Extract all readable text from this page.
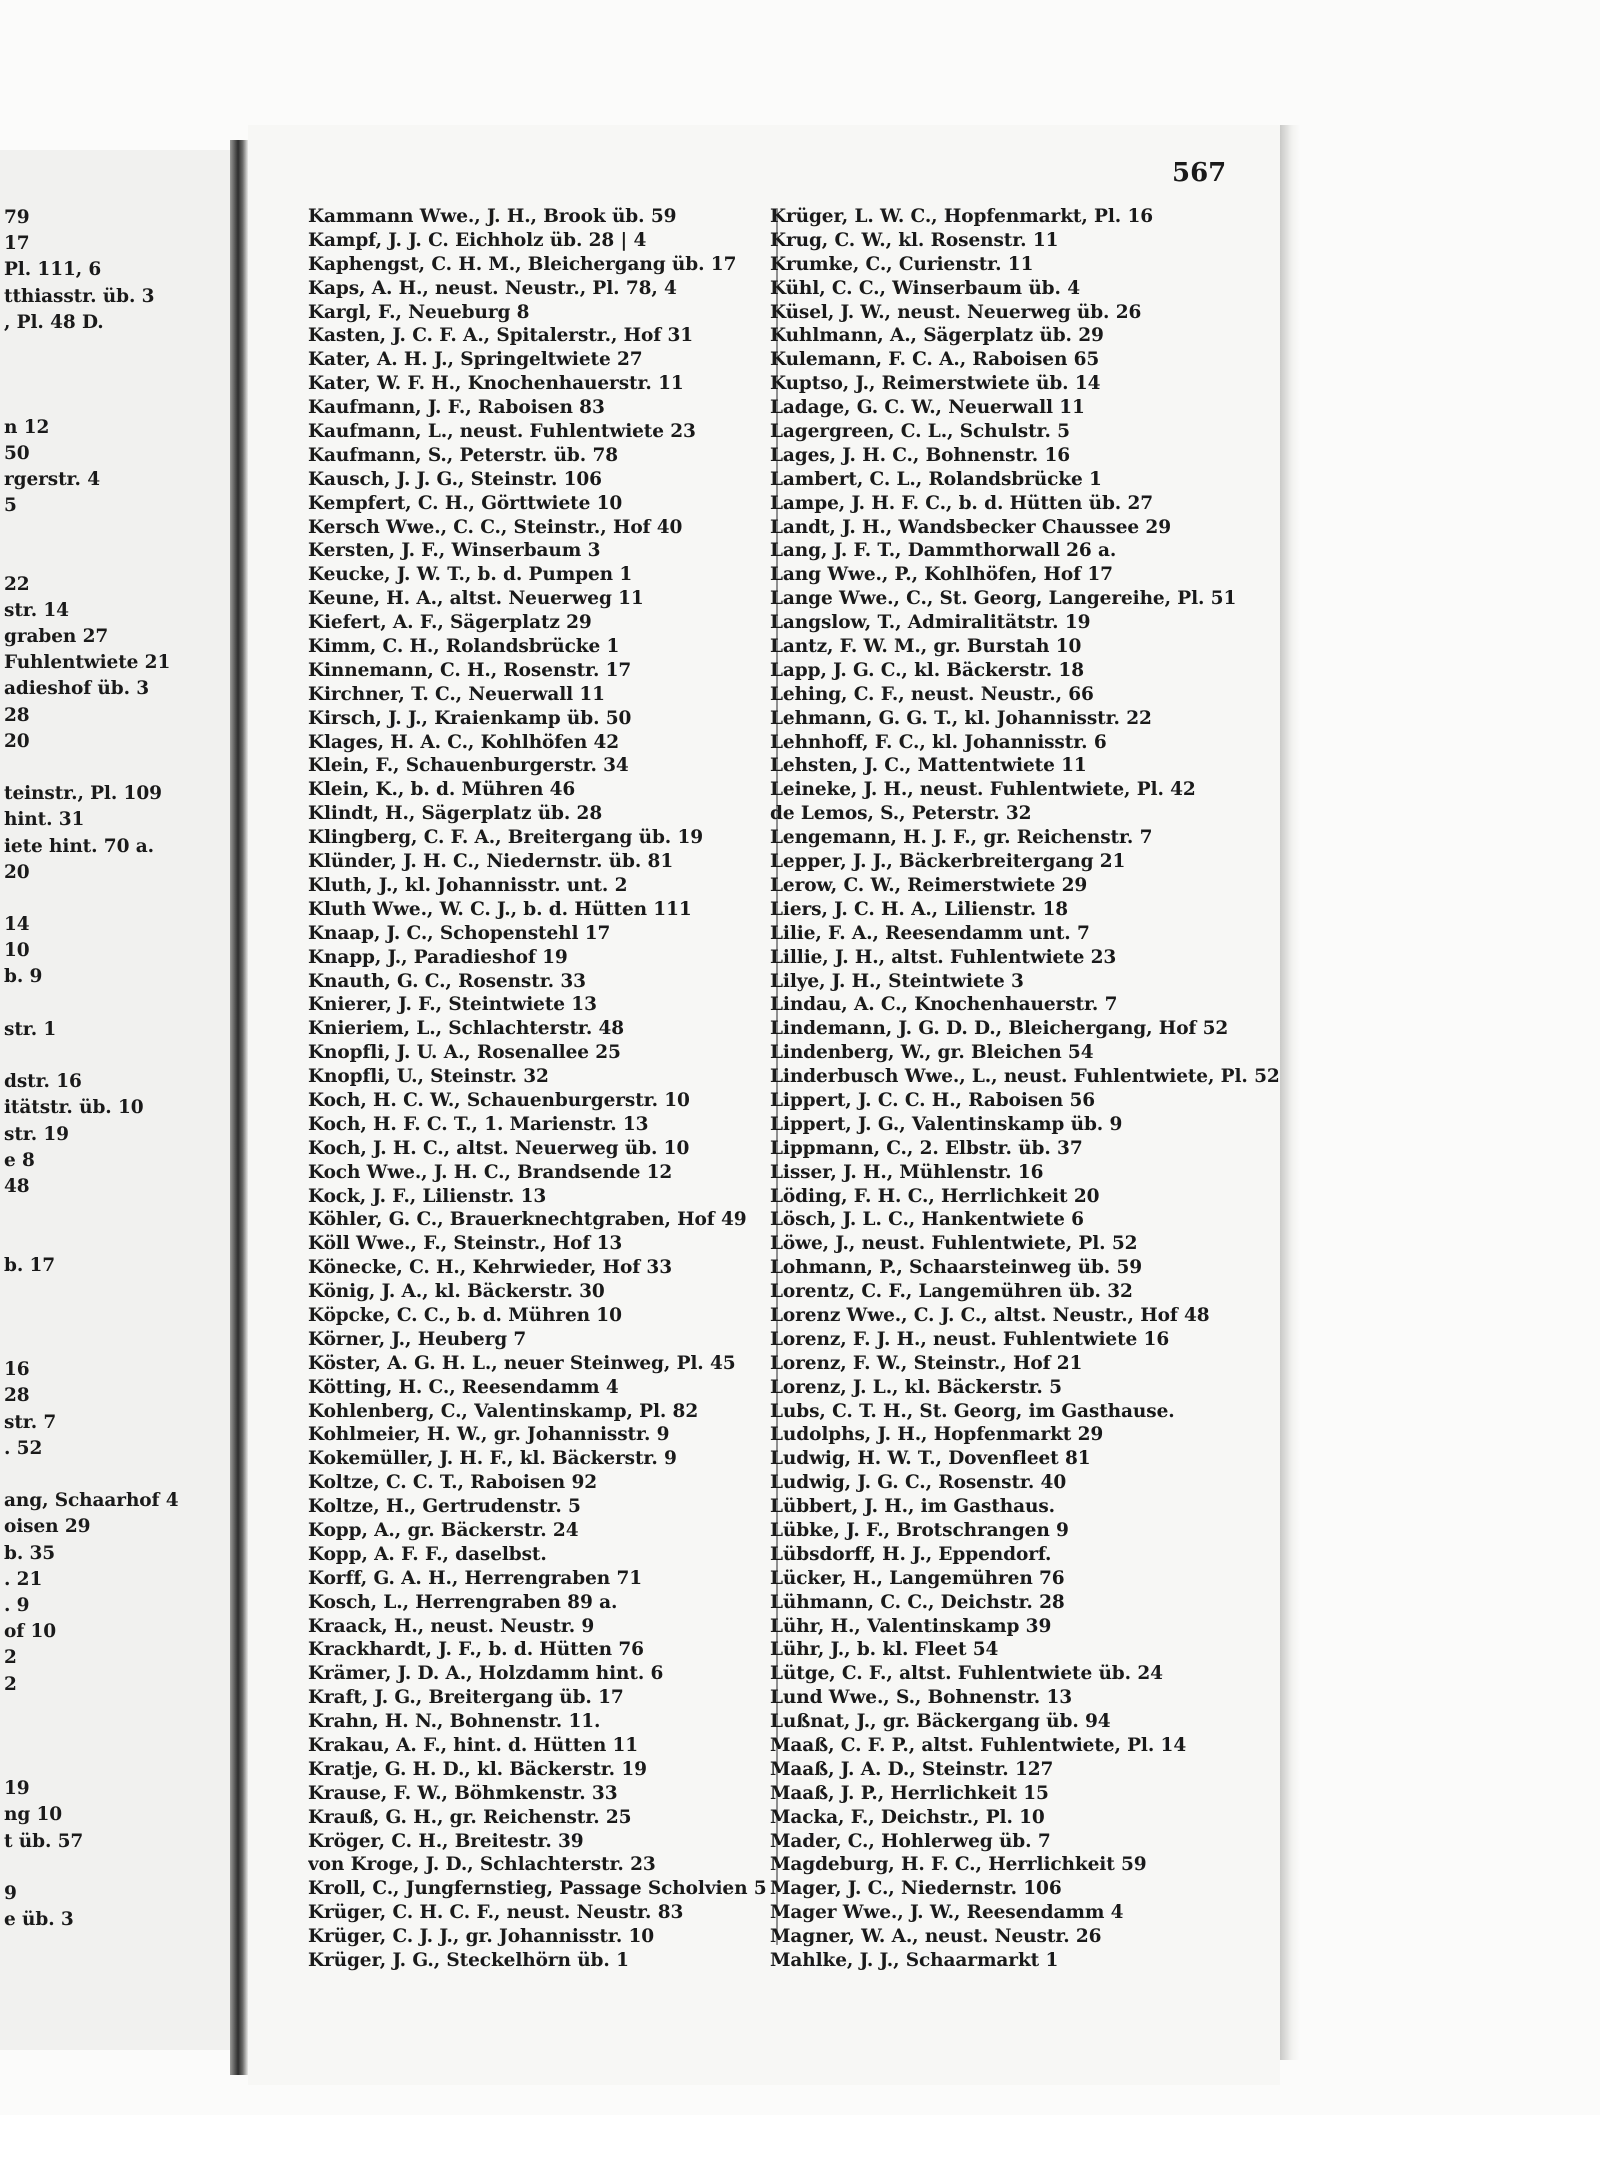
79
17
Pl. 111, 6
tthiasstr. üb. 3
, Pl. 48 D.
n 12
50
rgerstr. 4
5
22
str. 14
graben 27
Fuhlentwiete 21
adieshof üb. 3
28
20
teinstr., Pl. 109
hint. 31
iete hint. 70 a.
20
14
10
b. 9
str. 1
dstr. 16
itätstr. üb. 10
str. 19
e 8
48
b. 17
16
28
str. 7
. 52
ang, Schaarhof 4
oisen 29
b. 35
. 21
. 9
of 10
2
2
19
ng 10
t üb. 57
9
e üb. 3
567
Kammann Wwe., J. H., Brook üb. 59
Kampf, J. J. C. Eichholz üb. 28 | 4
Kaphengst, C. H. M., Bleichergang üb. 17
Kaps, A. H., neust. Neustr., Pl. 78, 4
Kargl, F., Neueburg 8
Kasten, J. C. F. A., Spitalerstr., Hof 31
Kater, A. H. J., Springeltwiete 27
Kater, W. F. H., Knochenhauerstr. 11
Kaufmann, J. F., Raboisen 83
Kaufmann, L., neust. Fuhlentwiete 23
Kaufmann, S., Peterstr. üb. 78
Kausch, J. J. G., Steinstr. 106
Kempfert, C. H., Görttwiete 10
Kersch Wwe., C. C., Steinstr., Hof 40
Kersten, J. F., Winserbaum 3
Keucke, J. W. T., b. d. Pumpen 1
Keune, H. A., altst. Neuerweg 11
Kiefert, A. F., Sägerplatz 29
Kimm, C. H., Rolandsbrücke 1
Kinnemann, C. H., Rosenstr. 17
Kirchner, T. C., Neuerwall 11
Kirsch, J. J., Kraienkamp üb. 50
Klages, H. A. C., Kohlhöfen 42
Klein, F., Schauenburgerstr. 34
Klein, K., b. d. Mühren 46
Klindt, H., Sägerplatz üb. 28
Klingberg, C. F. A., Breitergang üb. 19
Klünder, J. H. C., Niedernstr. üb. 81
Kluth, J., kl. Johannisstr. unt. 2
Kluth Wwe., W. C. J., b. d. Hütten 111
Knaap, J. C., Schopenstehl 17
Knapp, J., Paradieshof 19
Knauth, G. C., Rosenstr. 33
Knierer, J. F., Steintwiete 13
Knieriem, L., Schlachterstr. 48
Knopfli, J. U. A., Rosenallee 25
Knopfli, U., Steinstr. 32
Koch, H. C. W., Schauenburgerstr. 10
Koch, H. F. C. T., 1. Marienstr. 13
Koch, J. H. C., altst. Neuerweg üb. 10
Koch Wwe., J. H. C., Brandsende 12
Kock, J. F., Lilienstr. 13
Köhler, G. C., Brauerknechtgraben, Hof 49
Köll Wwe., F., Steinstr., Hof 13
Könecke, C. H., Kehrwieder, Hof 33
König, J. A., kl. Bäckerstr. 30
Köpcke, C. C., b. d. Mühren 10
Körner, J., Heuberg 7
Köster, A. G. H. L., neuer Steinweg, Pl. 45
Kötting, H. C., Reesendamm 4
Kohlenberg, C., Valentinskamp, Pl. 82
Kohlmeier, H. W., gr. Johannisstr. 9
Kokemüller, J. H. F., kl. Bäckerstr. 9
Koltze, C. C. T., Raboisen 92
Koltze, H., Gertrudenstr. 5
Kopp, A., gr. Bäckerstr. 24
Kopp, A. F. F., daselbst.
Korff, G. A. H., Herrengraben 71
Kosch, L., Herrengraben 89 a.
Kraack, H., neust. Neustr. 9
Krackhardt, J. F., b. d. Hütten 76
Krämer, J. D. A., Holzdamm hint. 6
Kraft, J. G., Breitergang üb. 17
Krahn, H. N., Bohnenstr. 11.
Krakau, A. F., hint. d. Hütten 11
Kratje, G. H. D., kl. Bäckerstr. 19
Krause, F. W., Böhmkenstr. 33
Krauß, G. H., gr. Reichenstr. 25
Kröger, C. H., Breitestr. 39
von Kroge, J. D., Schlachterstr. 23
Kroll, C., Jungfernstieg, Passage Scholvien 5
Krüger, C. H. C. F., neust. Neustr. 83
Krüger, C. J. J., gr. Johannisstr. 10
Krüger, J. G., Steckelhörn üb. 1
Krüger, L. W. C., Hopfenmarkt, Pl. 16
Krug, C. W., kl. Rosenstr. 11
Krumke, C., Curienstr. 11
Kühl, C. C., Winserbaum üb. 4
Küsel, J. W., neust. Neuerweg üb. 26
Kuhlmann, A., Sägerplatz üb. 29
Kulemann, F. C. A., Raboisen 65
Kuptso, J., Reimerstwiete üb. 14
Ladage, G. C. W., Neuerwall 11
Lagergreen, C. L., Schulstr. 5
Lages, J. H. C., Bohnenstr. 16
Lambert, C. L., Rolandsbrücke 1
Lampe, J. H. F. C., b. d. Hütten üb. 27
Landt, J. H., Wandsbecker Chaussee 29
Lang, J. F. T., Dammthorwall 26 a.
Lang Wwe., P., Kohlhöfen, Hof 17
Lange Wwe., C., St. Georg, Langereihe, Pl. 51
Langslow, T., Admiralitätstr. 19
Lantz, F. W. M., gr. Burstah 10
Lapp, J. G. C., kl. Bäckerstr. 18
Lehing, C. F., neust. Neustr., 66
Lehmann, G. G. T., kl. Johannisstr. 22
Lehnhoff, F. C., kl. Johannisstr. 6
Lehsten, J. C., Mattentwiete 11
Leineke, J. H., neust. Fuhlentwiete, Pl. 42
de Lemos, S., Peterstr. 32
Lengemann, H. J. F., gr. Reichenstr. 7
Lepper, J. J., Bäckerbreitergang 21
Lerow, C. W., Reimerstwiete 29
Liers, J. C. H. A., Lilienstr. 18
Lilie, F. A., Reesendamm unt. 7
Lillie, J. H., altst. Fuhlentwiete 23
Lilye, J. H., Steintwiete 3
Lindau, A. C., Knochenhauerstr. 7
Lindemann, J. G. D. D., Bleichergang, Hof 52
Lindenberg, W., gr. Bleichen 54
Linderbusch Wwe., L., neust. Fuhlentwiete, Pl. 52
Lippert, J. C. C. H., Raboisen 56
Lippert, J. G., Valentinskamp üb. 9
Lippmann, C., 2. Elbstr. üb. 37
Lisser, J. H., Mühlenstr. 16
Löding, F. H. C., Herrlichkeit 20
Lösch, J. L. C., Hankentwiete 6
Löwe, J., neust. Fuhlentwiete, Pl. 52
Lohmann, P., Schaarsteinweg üb. 59
Lorentz, C. F., Langemühren üb. 32
Lorenz Wwe., C. J. C., altst. Neustr., Hof 48
Lorenz, F. J. H., neust. Fuhlentwiete 16
Lorenz, F. W., Steinstr., Hof 21
Lorenz, J. L., kl. Bäckerstr. 5
Lubs, C. T. H., St. Georg, im Gasthause.
Ludolphs, J. H., Hopfenmarkt 29
Ludwig, H. W. T., Dovenfleet 81
Ludwig, J. G. C., Rosenstr. 40
Lübbert, J. H., im Gasthaus.
Lübke, J. F., Brotschrangen 9
Lübsdorff, H. J., Eppendorf.
Lücker, H., Langemühren 76
Lühmann, C. C., Deichstr. 28
Lühr, H., Valentinskamp 39
Lühr, J., b. kl. Fleet 54
Lütge, C. F., altst. Fuhlentwiete üb. 24
Lund Wwe., S., Bohnenstr. 13
Lußnat, J., gr. Bäckergang üb. 94
Maaß, C. F. P., altst. Fuhlentwiete, Pl. 14
Maaß, J. A. D., Steinstr. 127
Maaß, J. P., Herrlichkeit 15
Macka, F., Deichstr., Pl. 10
Mader, C., Hohlerweg üb. 7
Magdeburg, H. F. C., Herrlichkeit 59
Mager, J. C., Niedernstr. 106
Mager Wwe., J. W., Reesendamm 4
Magner, W. A., neust. Neustr. 26
Mahlke, J. J., Schaarmarkt 1
